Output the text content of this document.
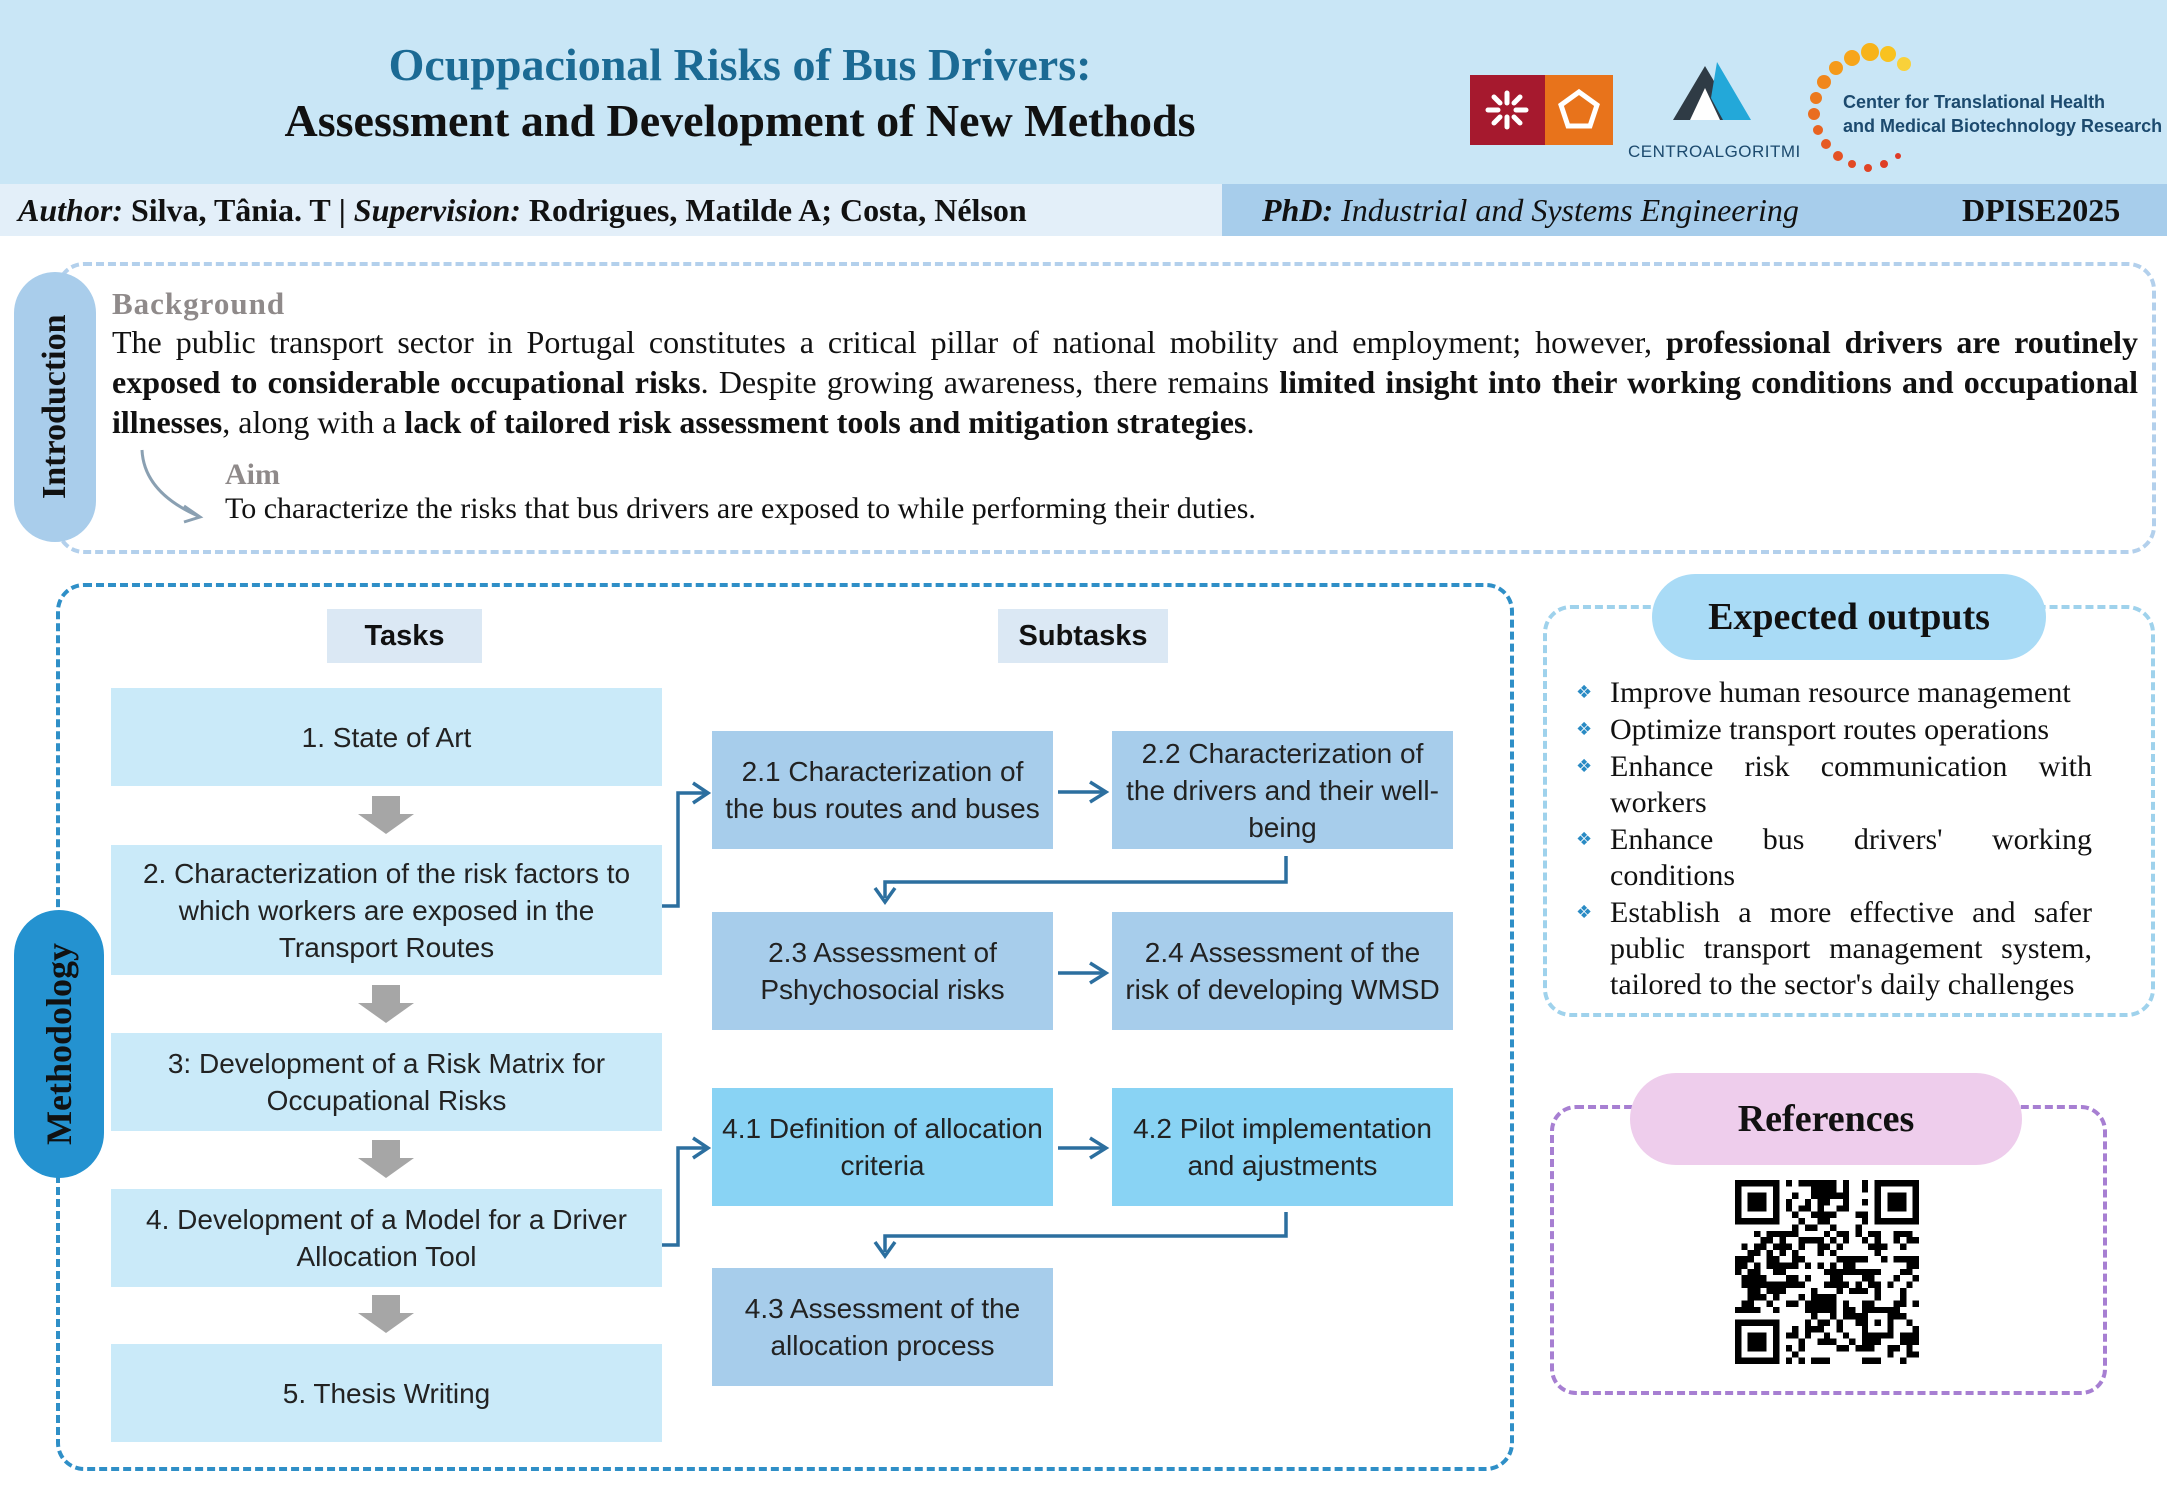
Ocuppacional Risks of Bus Drivers:
Assessment and Development of New Methods
CENTROALGORITMI
Center for Translational Health
and Medical Biotechnology Research
Author: Silva, Tânia. T | Supervision: Rodrigues, Matilde A; Costa, Nélson	PhD: Industrial and Systems Engineering	DPISE2025
Introduction
Background
The public transport sector in Portugal constitutes a critical pillar of national mobility and employment; however, professional drivers are routinely exposed to considerable occupational risks. Despite growing awareness, there remains limited insight into their working conditions and occupational illnesses, along with a lack of tailored risk assessment tools and mitigation strategies.
Aim
To characterize the risks that bus drivers are exposed to while performing their duties.
Methodology
Tasks	Subtasks
1. State of Art
2. Characterization of the risk factors to which workers are exposed in the Transport Routes
3: Development of a Risk Matrix for Occupational Risks
4. Development of a Model for a Driver Allocation Tool
5. Thesis Writing
2.1 Characterization of the bus routes and buses
2.2 Characterization of the drivers and their well-being
2.3 Assessment of Pshychosocial risks
2.4 Assessment of the risk of developing WMSD
4.1 Definition of allocation criteria
4.2 Pilot implementation and ajustments
4.3 Assessment of the allocation process
Expected outputs
❖ Improve human resource management
❖ Optimize transport routes operations
❖ Enhance risk communication with workers
❖ Enhance bus drivers' working conditions
❖ Establish a more effective and safer public transport management system, tailored to the sector's daily challenges
References
